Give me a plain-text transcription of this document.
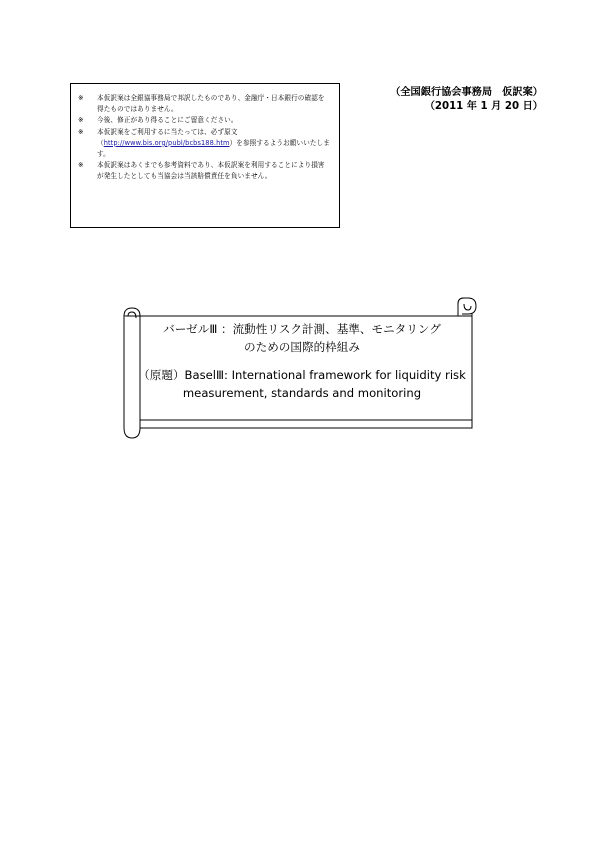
※	本仮訳案は全銀協事務局で邦訳したものであり、金融庁・日本銀行の確認を得たものではありません。
※	今後、修正があり得ることにご留意ください。
※	本仮訳案をご利用するに当たっては、必ず原文
（http://www.bis.org/publ/bcbs188.htm）を参照するようお願いいたします。
※	本仮訳案はあくまでも参考資料であり、本仮訳案を利用することにより損害が発生したとしても当協会は当該賠償責任を負いません。
（全国銀行協会事務局　仮訳案）
（2011 年 1 月 20 日）
バーゼルⅢ ：流動性リスク計測、基準、モニタリング
のための国際的枠組み
（原題）BaselⅢ: International framework for liquidity risk
measurement, standards and monitoring
